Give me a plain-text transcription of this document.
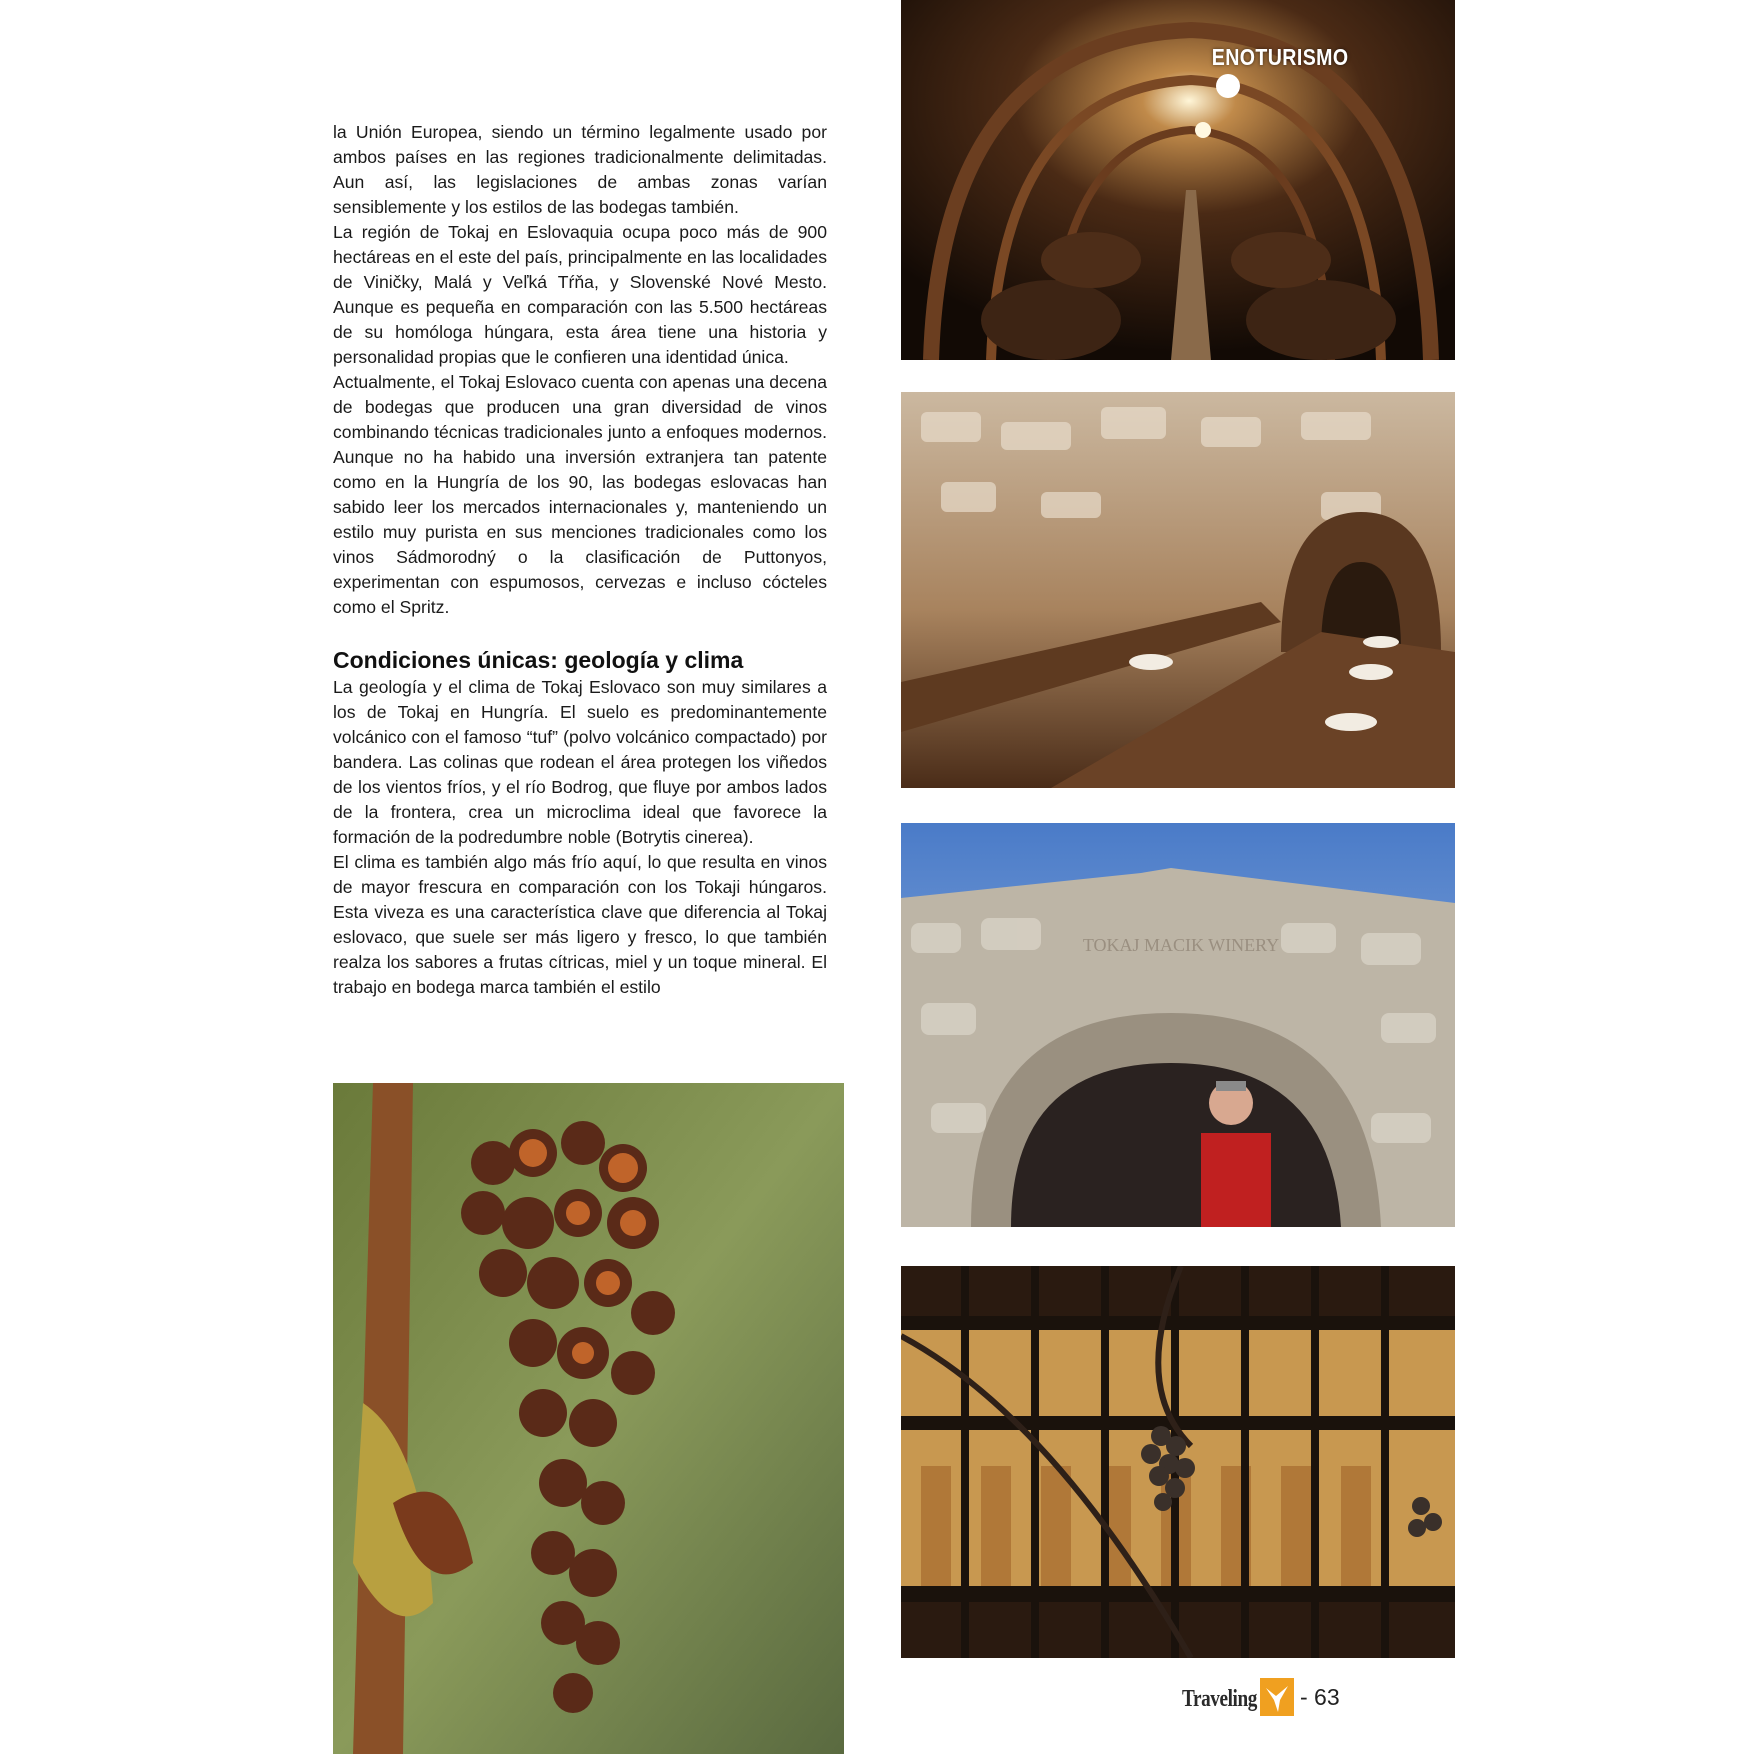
la Unión Europea, siendo un término legalmente usado por ambos países en las regiones tradicionalmente delimitadas. Aun así, las legislaciones de ambas zonas varían sensiblemente y los estilos de las bodegas también.

La región de Tokaj en Eslovaquia ocupa poco más de 900 hectáreas en el este del país, principalmente en las localidades de Viničky, Malá y Veľká Tŕňa, y Slovenské Nové Mesto. Aunque es pequeña en comparación con las 5.500 hectáreas de su homóloga húngara, esta área tiene una historia y personalidad propias que le confieren una identidad única.

Actualmente, el Tokaj Eslovaco cuenta con apenas una decena de bodegas que producen una gran diversidad de vinos combinando técnicas tradicionales junto a enfoques modernos. Aunque no ha habido una inversión extranjera tan patente como en la Hungría de los 90, las bodegas eslovacas han sabido leer los mercados internacionales y, manteniendo un estilo muy purista en sus menciones tradicionales como los vinos Sádmorodný o la clasificación de Puttonyos, experimentan con espumosos, cervezas e incluso cócteles como el Spritz.

Condiciones únicas: geología y clima

La geología y el clima de Tokaj Eslovaco son muy similares a los de Tokaj en Hungría. El suelo es predominantemente volcánico con el famoso “tuf” (polvo volcánico compactado) por bandera. Las colinas que rodean el área protegen los viñedos de los vientos fríos, y el río Bodrog, que fluye por ambos lados de la frontera, crea un microclima ideal que favorece la formación de la podredumbre noble (Botrytis cinerea).

El clima es también algo más frío aquí, lo que resulta en vinos de mayor frescura en comparación con los Tokaji húngaros. Esta viveza es una característica clave que diferencia al Tokaj eslovaco, que suele ser más ligero y fresco, lo que también realza los sabores a frutas cítricas, miel y un toque mineral. El trabajo en bodega marca también el estilo

ENOTURISMO
TOKAJ MACIK WINERY
Traveling - 63
